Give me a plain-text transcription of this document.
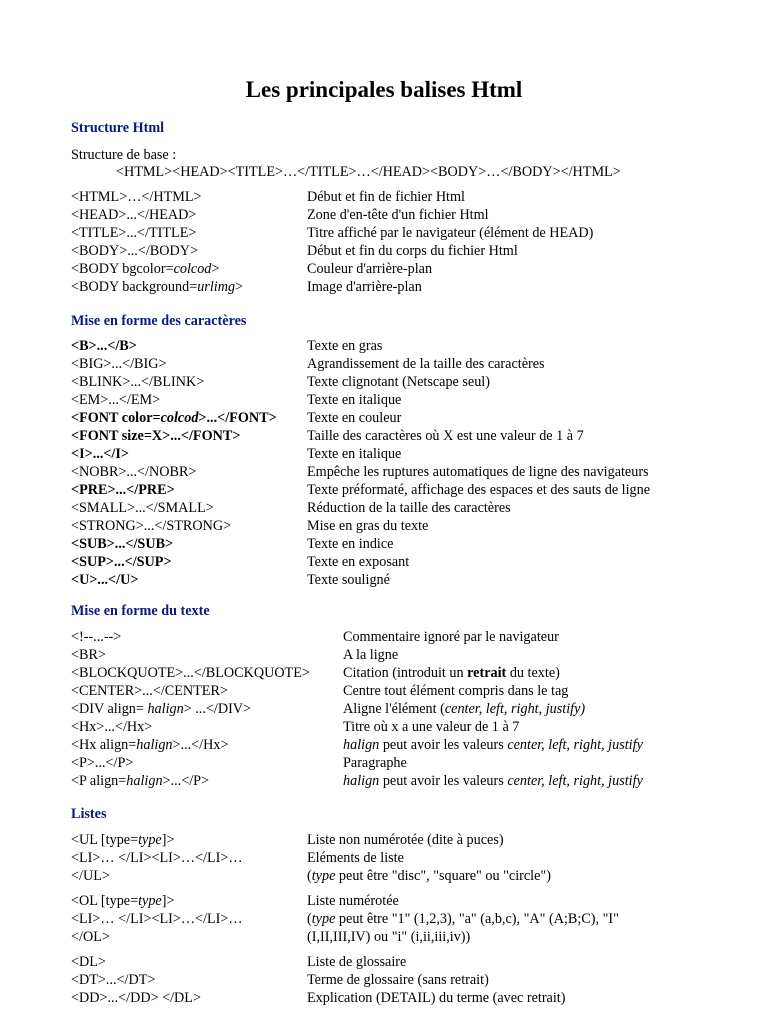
Les principales balises Html
Structure Html
Structure de base :
<HTML><HEAD><TITLE>…</TITLE>…</HEAD><BODY>…</BODY></HTML>
<HTML>…</HTML>	Début et fin de fichier Html
<HEAD>...</HEAD>	Zone d'en-tête d'un fichier Html
<TITLE>...</TITLE>	Titre affiché par le navigateur (élément de HEAD)
<BODY>...</BODY>	Début et fin du corps du fichier Html
<BODY bgcolor=colcod>	Couleur d'arrière-plan
<BODY background=urlimg>	Image d'arrière-plan
Mise en forme des caractères
<B>...</B>	Texte en gras
<BIG>...</BIG>	Agrandissement de la taille des caractères
<BLINK>...</BLINK>	Texte clignotant (Netscape seul)
<EM>...</EM>	Texte en italique
<FONT color=colcod>...</FONT> Texte en couleur
<FONT size=X>...</FONT>	Taille des caractères où X est une valeur de 1 à 7
<I>...</I>	Texte en italique
<NOBR>...</NOBR>	Empêche les ruptures automatiques de ligne des navigateurs
<PRE>...</PRE>	Texte préformaté, affichage des espaces et des sauts de ligne
<SMALL>...</SMALL>	Réduction de la taille des caractères
<STRONG>...</STRONG>	Mise en gras du texte
<SUB>...</SUB>	Texte en indice
<SUP>...</SUP>	Texte en exposant
<U>...</U>	Texte souligné
Mise en forme du texte
<!--...-->	Commentaire ignoré par le navigateur
<BR>	A la ligne
<BLOCKQUOTE>...</BLOCKQUOTE> Citation (introduit un retrait du texte)
<CENTER>...</CENTER>	Centre tout élément compris dans le tag
<DIV align= halign> ...</DIV>	Aligne l'élément (center, left, right, justify)
<Hx>...</Hx>	Titre où x a une valeur de 1 à 7
<Hx align=halign>...</Hx>	halign peut avoir les valeurs center, left, right, justify
<P>...</P>	Paragraphe
<P align=halign>...</P>	halign peut avoir les valeurs center, left, right, justify
Listes
<UL [type=type]>	Liste non numérotée (dite à puces)
<LI>… </LI><LI>…</LI>…	Eléments de liste
</UL>	(type peut être "disc", "square" ou "circle")
<OL [type=type]>	Liste numérotée
<LI>… </LI><LI>…</LI>…	(type peut être "1" (1,2,3), "a" (a,b,c), "A" (A;B;C), "I"
</OL>	(I,II,III,IV) ou "i" (i,ii,iii,iv))
<DL>	Liste de glossaire
<DT>...</DT>	Terme de glossaire (sans retrait)
<DD>...</DD> </DL>	Explication (DETAIL) du terme (avec retrait)
